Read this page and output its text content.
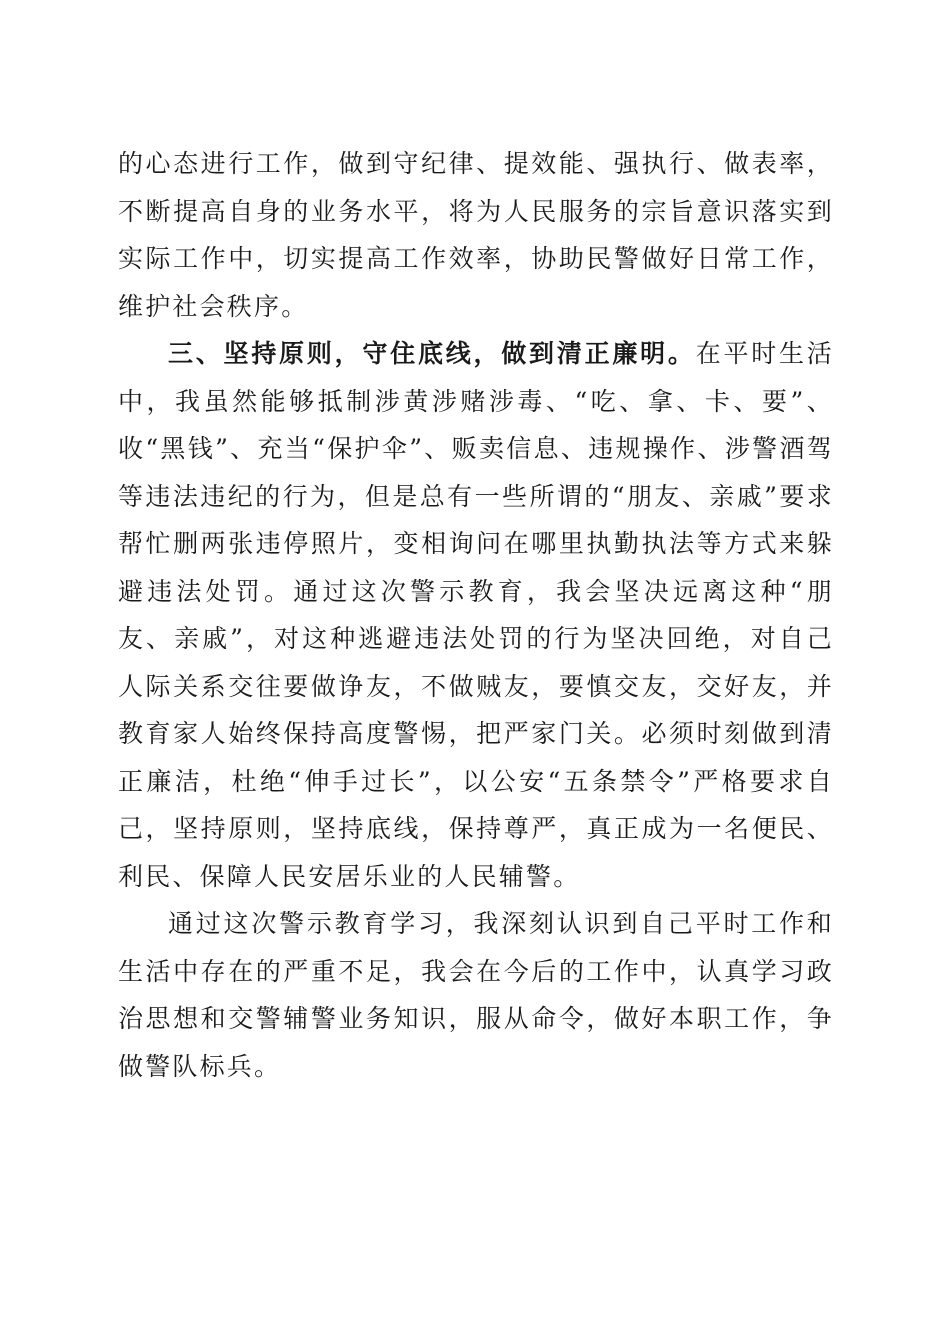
的心态进行工作，做到守纪律、提效能、强执行、做表率，不断提高自身的业务水平，将为人民服务的宗旨意识落实到实际工作中，切实提高工作效率，协助民警做好日常工作，维护社会秩序。

三、坚持原则，守住底线，做到清正廉明。在平时生活中，我虽然能够抵制涉黄涉赌涉毒、“吃、拿、卡、要”、收“黑钱”、充当“保护伞”、贩卖信息、违规操作、涉警酒驾等违法违纪的行为，但是总有一些所谓的“朋友、亲戚”要求帮忙删两张违停照片，变相询问在哪里执勤执法等方式来躲避违法处罚。通过这次警示教育，我会坚决远离这种“朋友、亲戚”，对这种逃避违法处罚的行为坚决回绝，对自己人际关系交往要做诤友，不做贼友，要慎交友，交好友，并教育家人始终保持高度警惕，把严家门关。必须时刻做到清正廉洁，杜绝“伸手过长”，以公安“五条禁令”严格要求自己，坚持原则，坚持底线，保持尊严，真正成为一名便民、利民、保障人民安居乐业的人民辅警。

通过这次警示教育学习，我深刻认识到自己平时工作和生活中存在的严重不足，我会在今后的工作中，认真学习政治思想和交警辅警业务知识，服从命令，做好本职工作，争做警队标兵。
